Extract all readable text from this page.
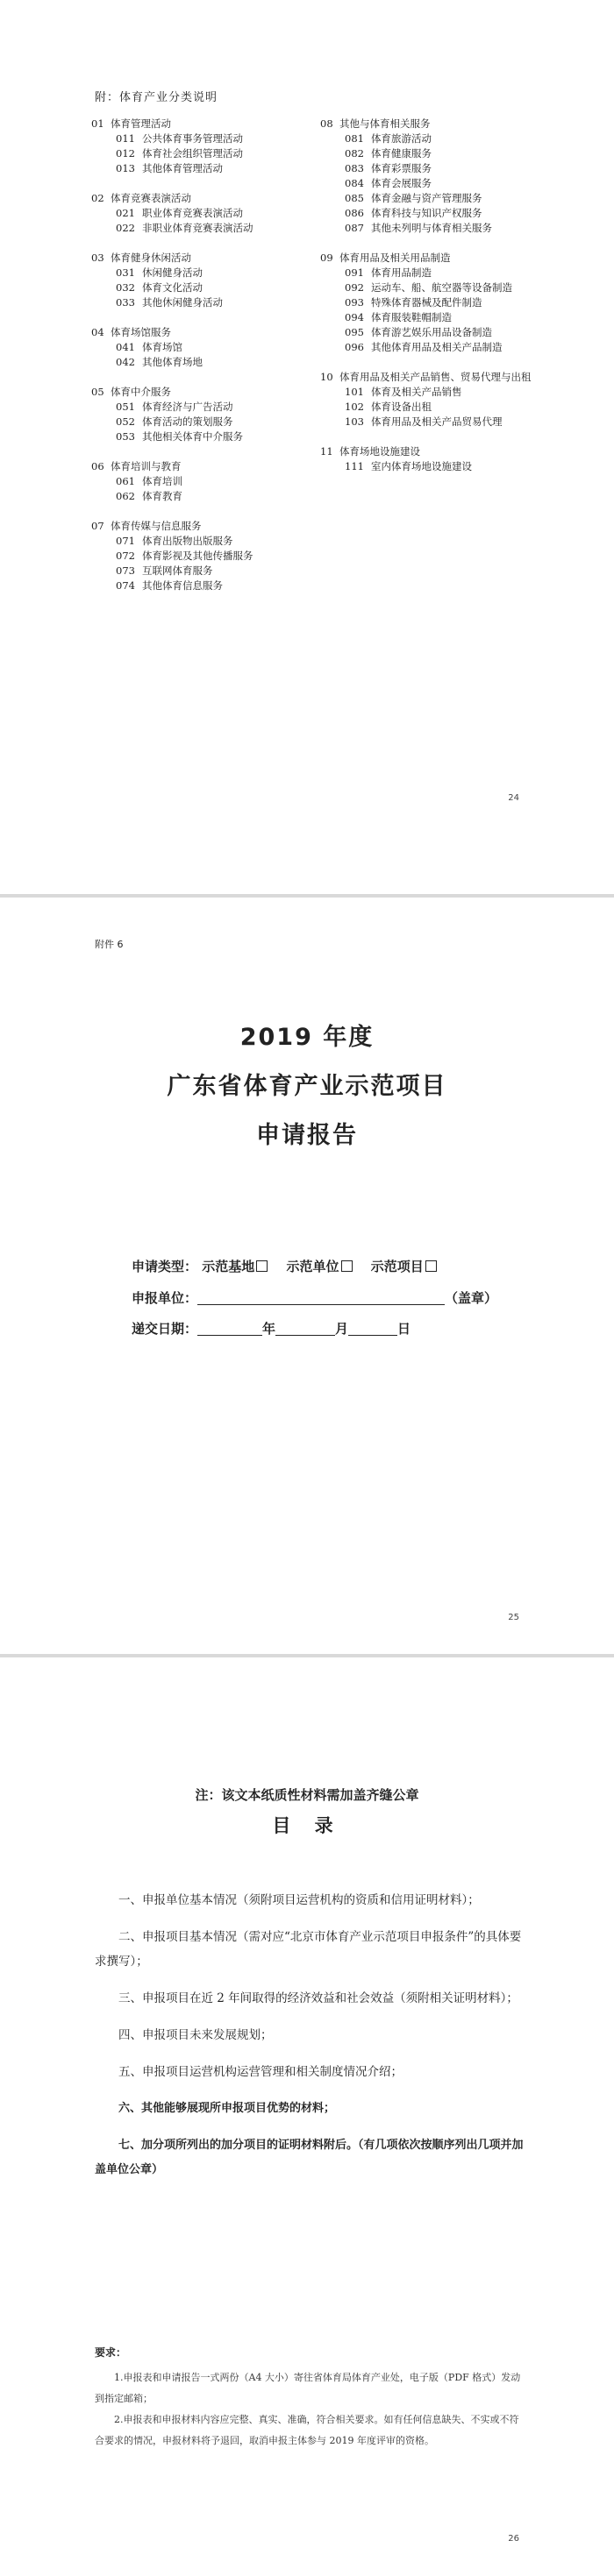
附：体育产业分类说明
01 体育管理活动
011 公共体育事务管理活动
012 体育社会组织管理活动
013 其他体育管理活动
02 体育竞赛表演活动
021 职业体育竞赛表演活动
022 非职业体育竞赛表演活动
03 体育健身休闲活动
031 休闲健身活动
032 体育文化活动
033 其他休闲健身活动
04 体育场馆服务
041 体育场馆
042 其他体育场地
05 体育中介服务
051 体育经济与广告活动
052 体育活动的策划服务
053 其他相关体育中介服务
06 体育培训与教育
061 体育培训
062 体育教育
07 体育传媒与信息服务
071 体育出版物出版服务
072 体育影视及其他传播服务
073 互联网体育服务
074 其他体育信息服务
08 其他与体育相关服务
081 体育旅游活动
082 体育健康服务
083 体育彩票服务
084 体育会展服务
085 体育金融与资产管理服务
086 体育科技与知识产权服务
087 其他未列明与体育相关服务
09 体育用品及相关用品制造
091 体育用品制造
092 运动车、船、航空器等设备制造
093 特殊体育器械及配件制造
094 体育服装鞋帽制造
095 体育游艺娱乐用品设备制造
096 其他体育用品及相关产品制造
10 体育用品及相关产品销售、贸易代理与出租
101 体育及相关产品销售
102 体育设备出租
103 体育用品及相关产品贸易代理
11 体育场地设施建设
111 室内体育场地设施建设
24
附件 6
2019 年度
广东省体育产业示范项目
申请报告
申请类型： 示范基地 示范单位 示范项目
申报单位：	（盖章）
递交日期：	年	月	日
25
注：该文本纸质性材料需加盖齐缝公章
目 录
一、申报单位基本情况（须附项目运营机构的资质和信用证明材料）；
二、申报项目基本情况（需对应“北京市体育产业示范项目申报条件”的具体要求撰写）；
三、申报项目在近 2 年间取得的经济效益和社会效益（须附相关证明材料）；
四、申报项目未来发展规划；
五、申报项目运营机构运营管理和相关制度情况介绍；
六、其他能够展现所申报项目优势的材料；
七、加分项所列出的加分项目的证明材料附后。（有几项依次按顺序列出几项并加盖单位公章）
要求：
1.申报表和申请报告一式两份（A4 大小）寄往省体育局体育产业处，电子版（PDF 格式）发动到指定邮箱；
2.申报表和申报材料内容应完整、真实、准确，符合相关要求。如有任何信息缺失、不实或不符合要求的情况，申报材料将予退回，取消申报主体参与 2019 年度评审的资格。
26
